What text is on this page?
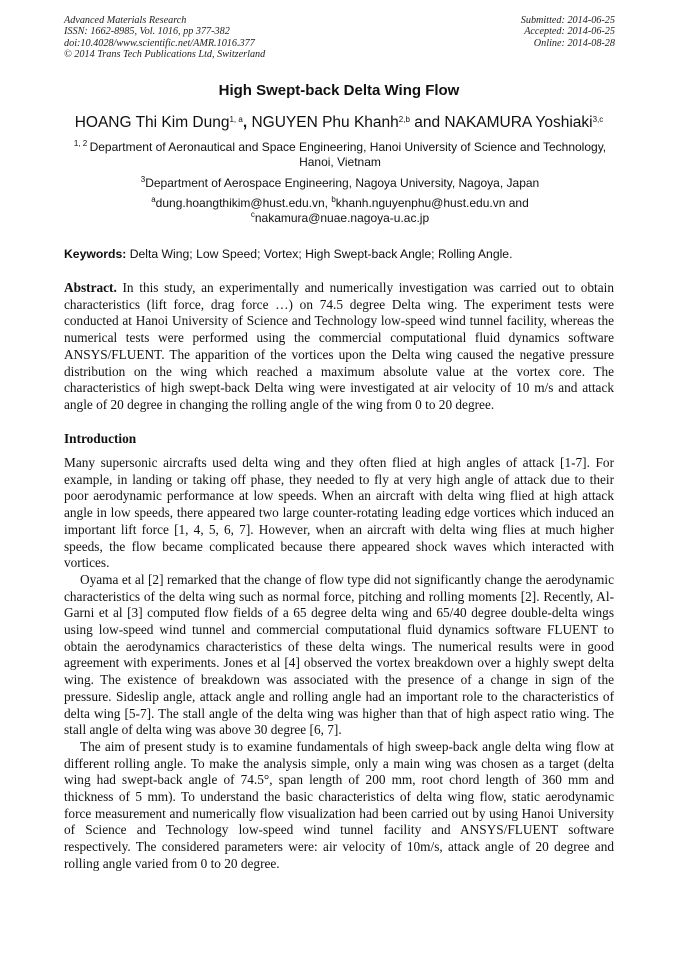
Advanced Materials Research
ISSN: 1662-8985, Vol. 1016, pp 377-382
doi:10.4028/www.scientific.net/AMR.1016.377
© 2014 Trans Tech Publications Ltd, Switzerland
Submitted: 2014-06-25
Accepted: 2014-06-25
Online: 2014-08-28
High Swept-back Delta Wing Flow
HOANG Thi Kim Dung$^{1, a}$, NGUYEN Phu Khanh$^{2,b}$ and NAKAMURA Yoshiaki$^{3,c}$
$^{1, 2}$  Department of Aeronautical and Space Engineering, Hanoi University of Science and Technology, Hanoi, Vietnam
$^3$Department of Aerospace Engineering, Nagoya University, Nagoya, Japan
$^a$dung.hoangthikim@hust.edu.vn, $^b$khanh.nguyenphu@hust.edu.vn and
$^c$nakamura@nuae.nagoya-u.ac.jp
Keywords: Delta Wing; Low Speed; Vortex; High Swept-back Angle; Rolling Angle.
Abstract. In this study, an experimentally and numerically investigation was carried out to obtain characteristics (lift force, drag force …) on 74.5 degree Delta wing. The experiment tests were conducted at Hanoi University of Science and Technology low-speed wind tunnel facility, whereas the numerical tests were performed using the commercial computational fluid dynamics software ANSYS/FLUENT. The apparition of the vortices upon the Delta wing caused the negative pressure distribution on the wing which reached a maximum absolute value at the vortex core. The characteristics of high swept-back Delta wing were investigated at air velocity of 10 m/s and attack angle of 20 degree in changing the rolling angle of the wing from 0 to 20 degree.
Introduction

Many supersonic aircrafts used delta wing and they often flied at high angles of attack [1-7]. For example, in landing or taking off phase, they needed to fly at very high angle of attack due to their poor aerodynamic performance at low speeds. When an aircraft with delta wing flied at high attack angle in low speeds, there appeared two large counter-rotating leading edge vortices which induced an important lift force [1, 4, 5, 6, 7]. However, when an aircraft with delta wing flies at much higher speeds, the flow became complicated because there appeared shock waves which interacted with vortices.

Oyama et al [2] remarked that the change of flow type did not significantly change the aerodynamic characteristics of the delta wing such as normal force, pitching and rolling moments [2]. Recently, Al-Garni et al [3] computed flow fields of a 65 degree delta wing and 65/40 degree double-delta wings using low-speed wind tunnel and commercial computational fluid dynamics software FLUENT to obtain the aerodynamics characteristics of these delta wings. The numerical results were in good agreement with experiments. Jones et al [4] observed the vortex breakdown over a highly swept delta wing. The existence of breakdown was associated with the presence of a change in sign of the pressure. Sideslip angle, attack angle and rolling angle had an important role to the characteristics of delta wing [5-7]. The stall angle of the delta wing was higher than that of high aspect ratio wing. The stall angle of delta wing was above 30 degree [6, 7].

The aim of present study is to examine fundamentals of high sweep-back angle delta wing flow at different rolling angle. To make the analysis simple, only a main wing was chosen as a target (delta wing had swept-back angle of 74.5°, span length of 200 mm, root chord length of 360 mm and thickness of 5 mm). To understand the basic characteristics of delta wing flow, static aerodynamic force measurement and numerically flow visualization had been carried out by using Hanoi University of Science and Technology low-speed wind tunnel facility and ANSYS/FLUENT software respectively. The considered parameters were: air velocity of 10m/s, attack angle of 20 degree and rolling angle varied from 0 to 20 degree.
